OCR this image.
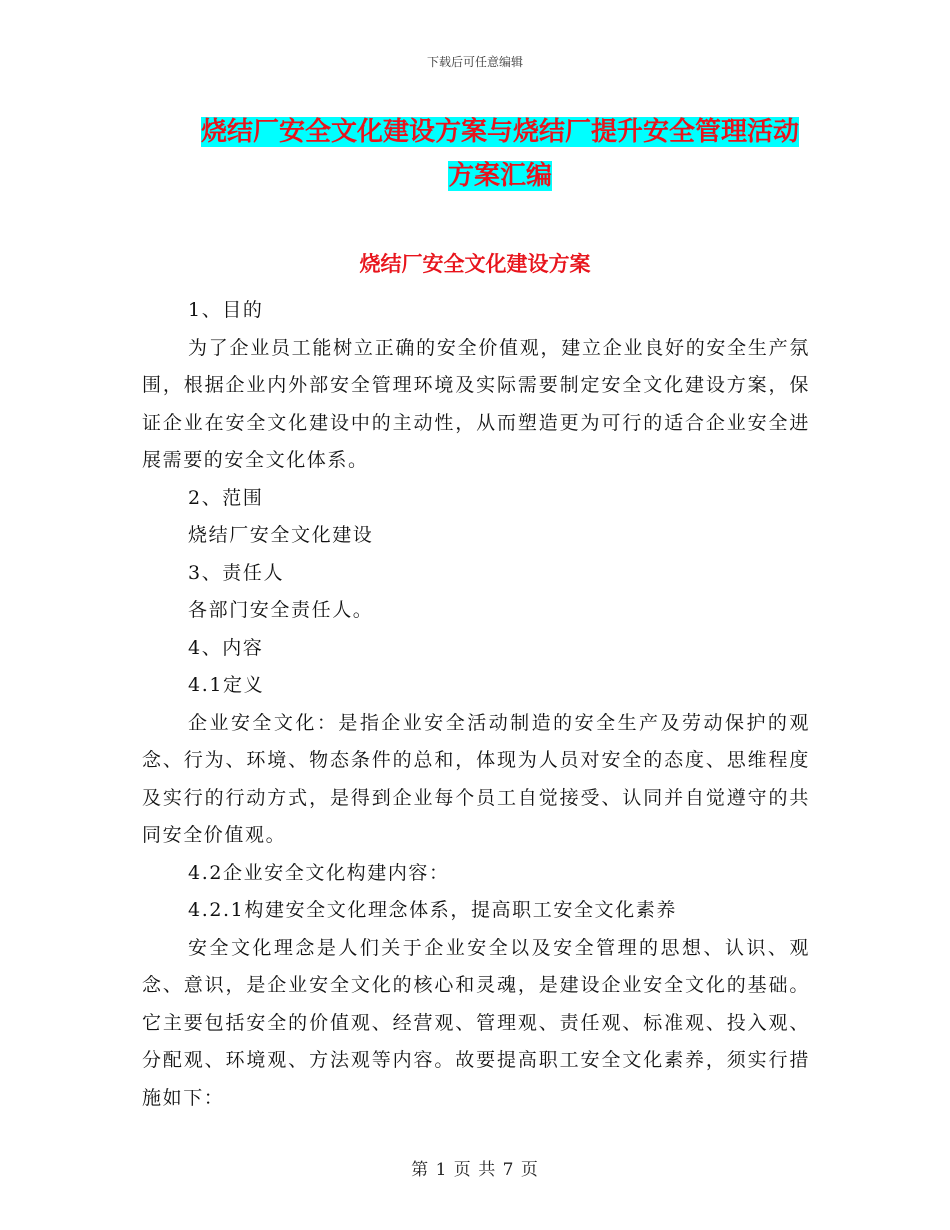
下载后可任意编辑
烧结厂安全文化建设方案与烧结厂提升安全管理活动
方案汇编
烧结厂安全文化建设方案

1、目的

为了企业员工能树立正确的安全价值观，建立企业良好的安全生产氛围，根据企业内外部安全管理环境及实际需要制定安全文化建设方案，保证企业在安全文化建设中的主动性，从而塑造更为可行的适合企业安全进展需要的安全文化体系。

2、范围

烧结厂安全文化建设

3、责任人

各部门安全责任人。

4、内容

4.1定义

企业安全文化：是指企业安全活动制造的安全生产及劳动保护的观念、行为、环境、物态条件的总和，体现为人员对安全的态度、思维程度及实行的行动方式，是得到企业每个员工自觉接受、认同并自觉遵守的共同安全价值观。

4.2企业安全文化构建内容：

4.2.1构建安全文化理念体系，提高职工安全文化素养

安全文化理念是人们关于企业安全以及安全管理的思想、认识、观念、意识，是企业安全文化的核心和灵魂，是建设企业安全文化的基础。它主要包括安全的价值观、经营观、管理观、责任观、标准观、投入观、分配观、环境观、方法观等内容。故要提高职工安全文化素养，须实行措施如下：

第 1 页 共 7 页
